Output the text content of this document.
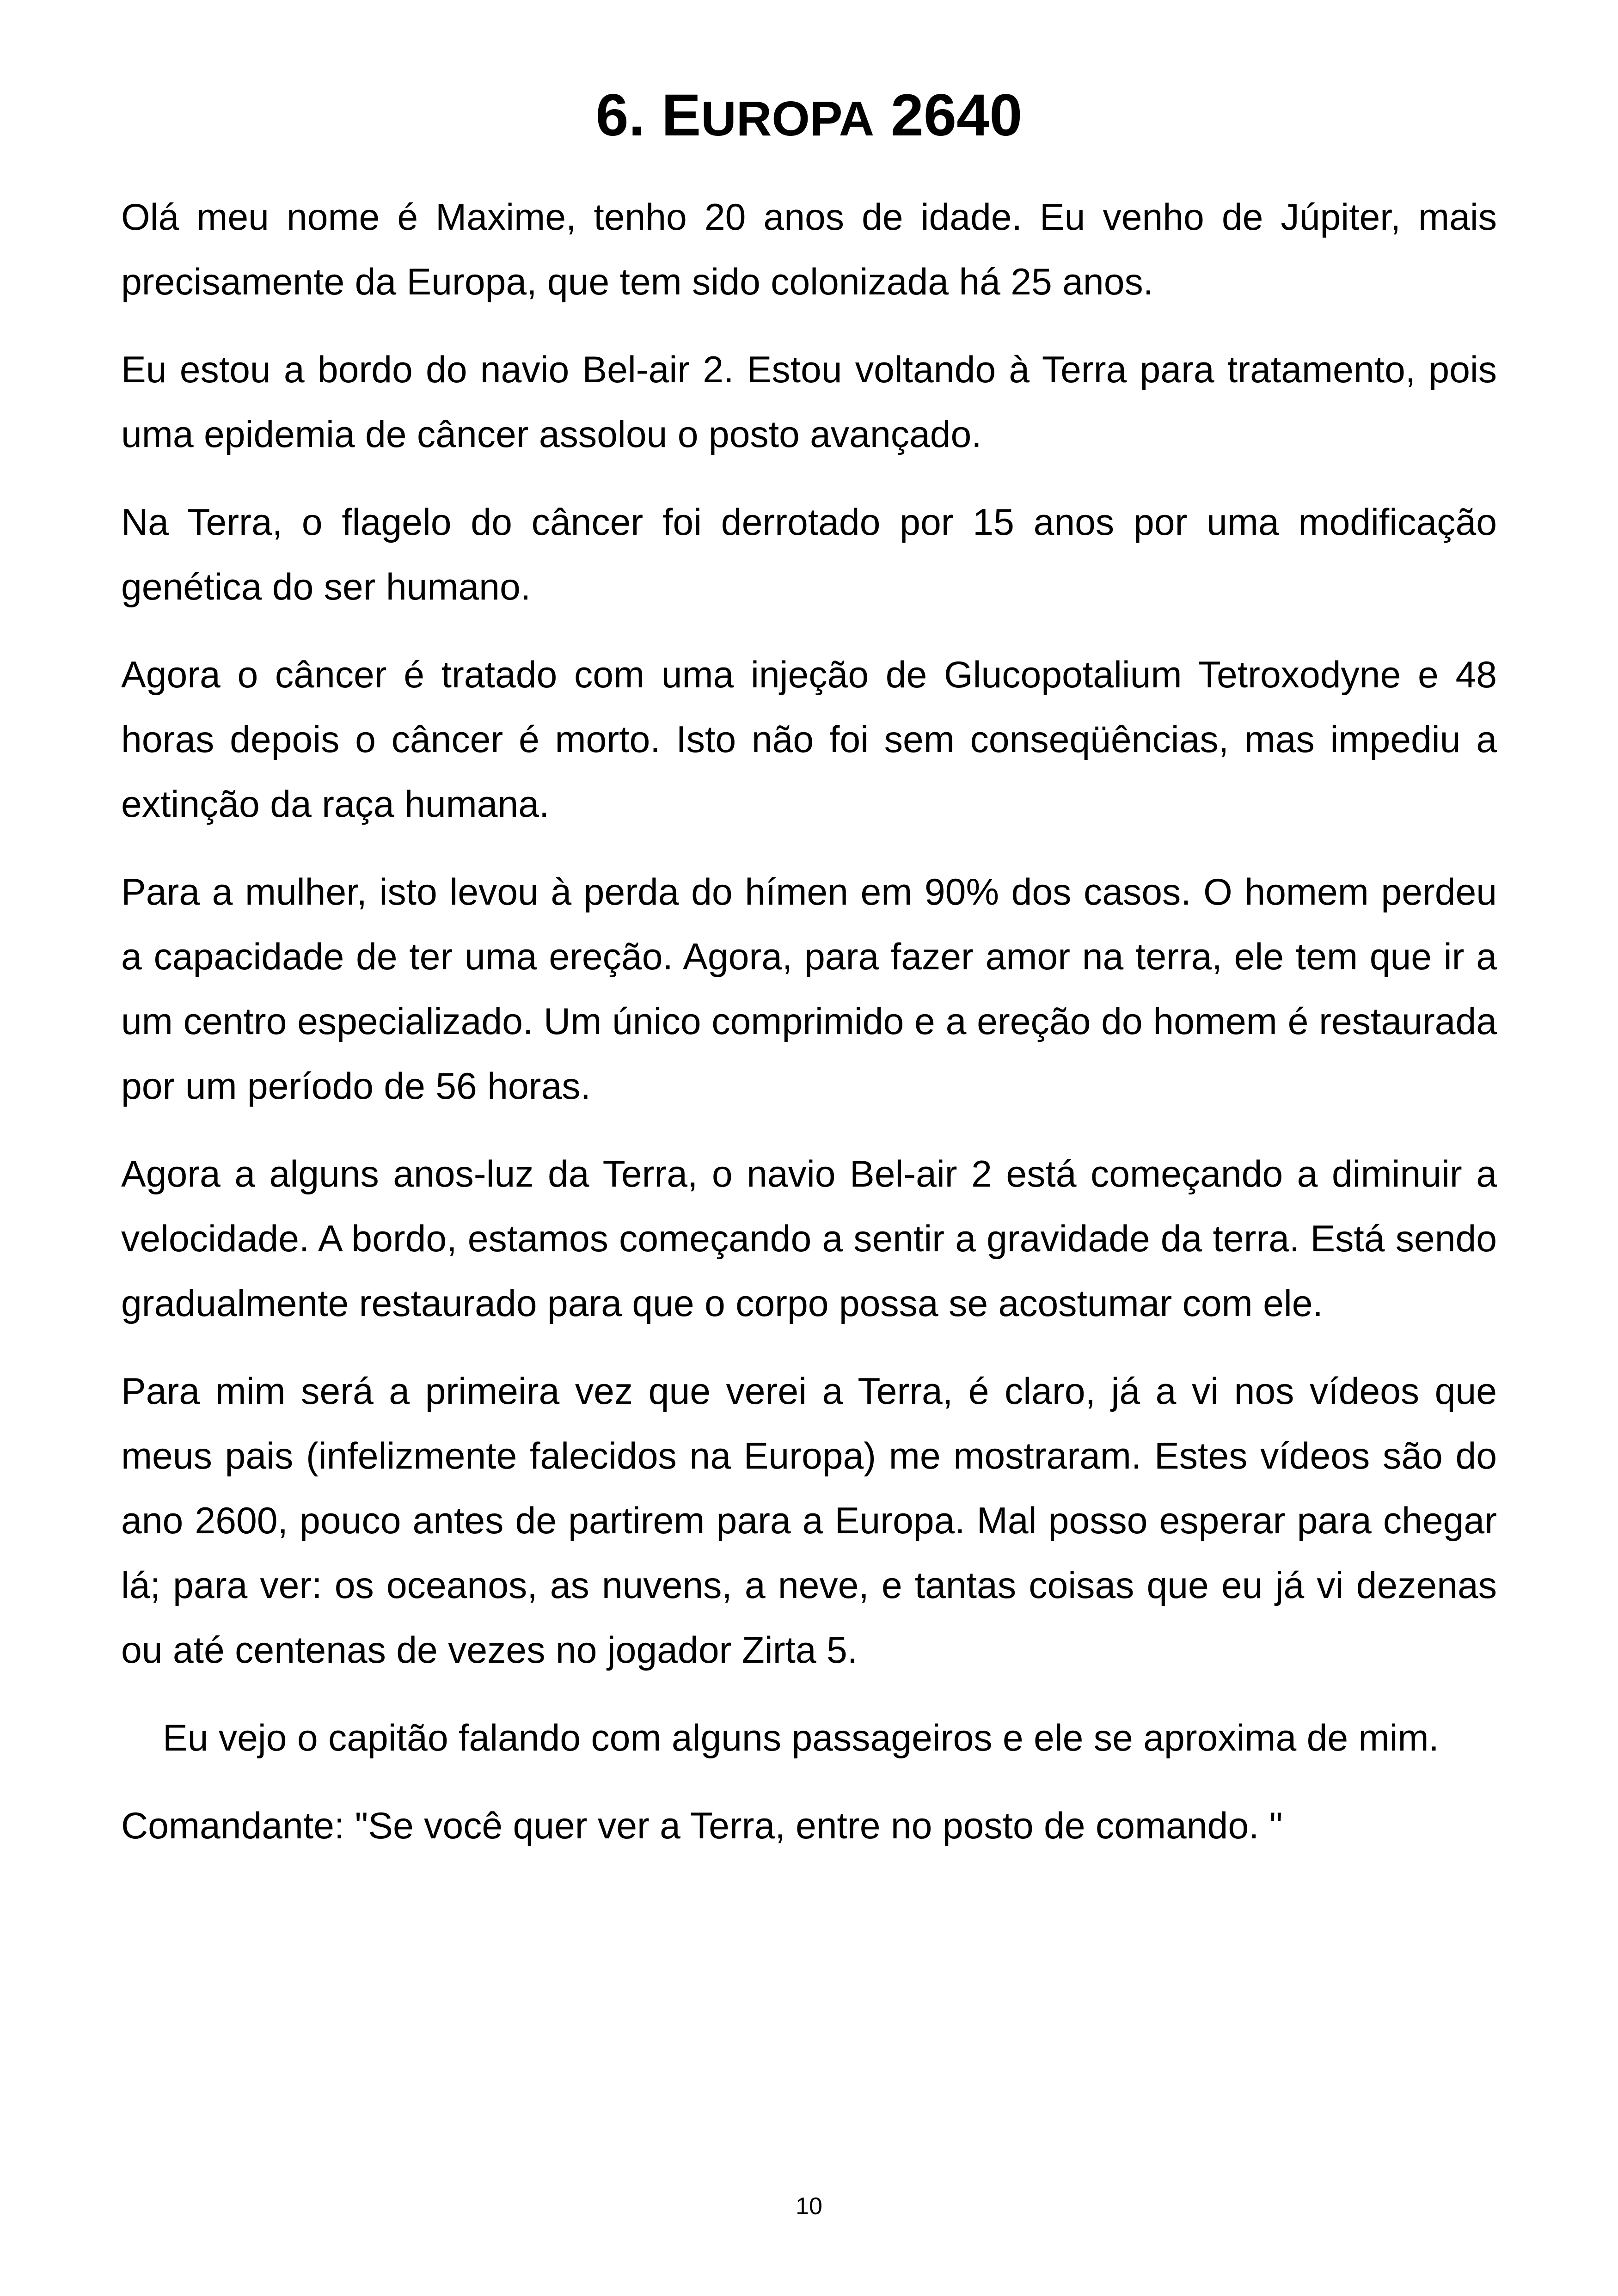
6. EUROPA 2640

Olá meu nome é Maxime, tenho 20 anos de idade. Eu venho de Júpiter, mais precisamente da Europa, que tem sido colonizada há 25 anos.

Eu estou a bordo do navio Bel-air 2. Estou voltando à Terra para tratamento, pois uma epidemia de câncer assolou o posto avançado.

Na Terra, o flagelo do câncer foi derrotado por 15 anos por uma modificação genética do ser humano.

Agora o câncer é tratado com uma injeção de Glucopotalium Tetroxodyne e 48 horas depois o câncer é morto. Isto não foi sem conseqüências, mas impediu a extinção da raça humana.

Para a mulher, isto levou à perda do hímen em 90% dos casos. O homem perdeu a capacidade de ter uma ereção. Agora, para fazer amor na terra, ele tem que ir a um centro especializado. Um único comprimido e a ereção do homem é restaurada por um período de 56 horas.

Agora a alguns anos-luz da Terra, o navio Bel-air 2 está começando a diminuir a velocidade. A bordo, estamos começando a sentir a gravidade da terra. Está sendo gradualmente restaurado para que o corpo possa se acostumar com ele.

Para mim será a primeira vez que verei a Terra, é claro, já a vi nos vídeos que meus pais (infelizmente falecidos na Europa) me mostraram. Estes vídeos são do ano 2600, pouco antes de partirem para a Europa. Mal posso esperar para chegar lá; para ver: os oceanos, as nuvens, a neve, e tantas coisas que eu já vi dezenas ou até centenas de vezes no jogador Zirta 5.

Eu vejo o capitão falando com alguns passageiros e ele se aproxima de mim.

Comandante: "Se você quer ver a Terra, entre no posto de comando. "

10
